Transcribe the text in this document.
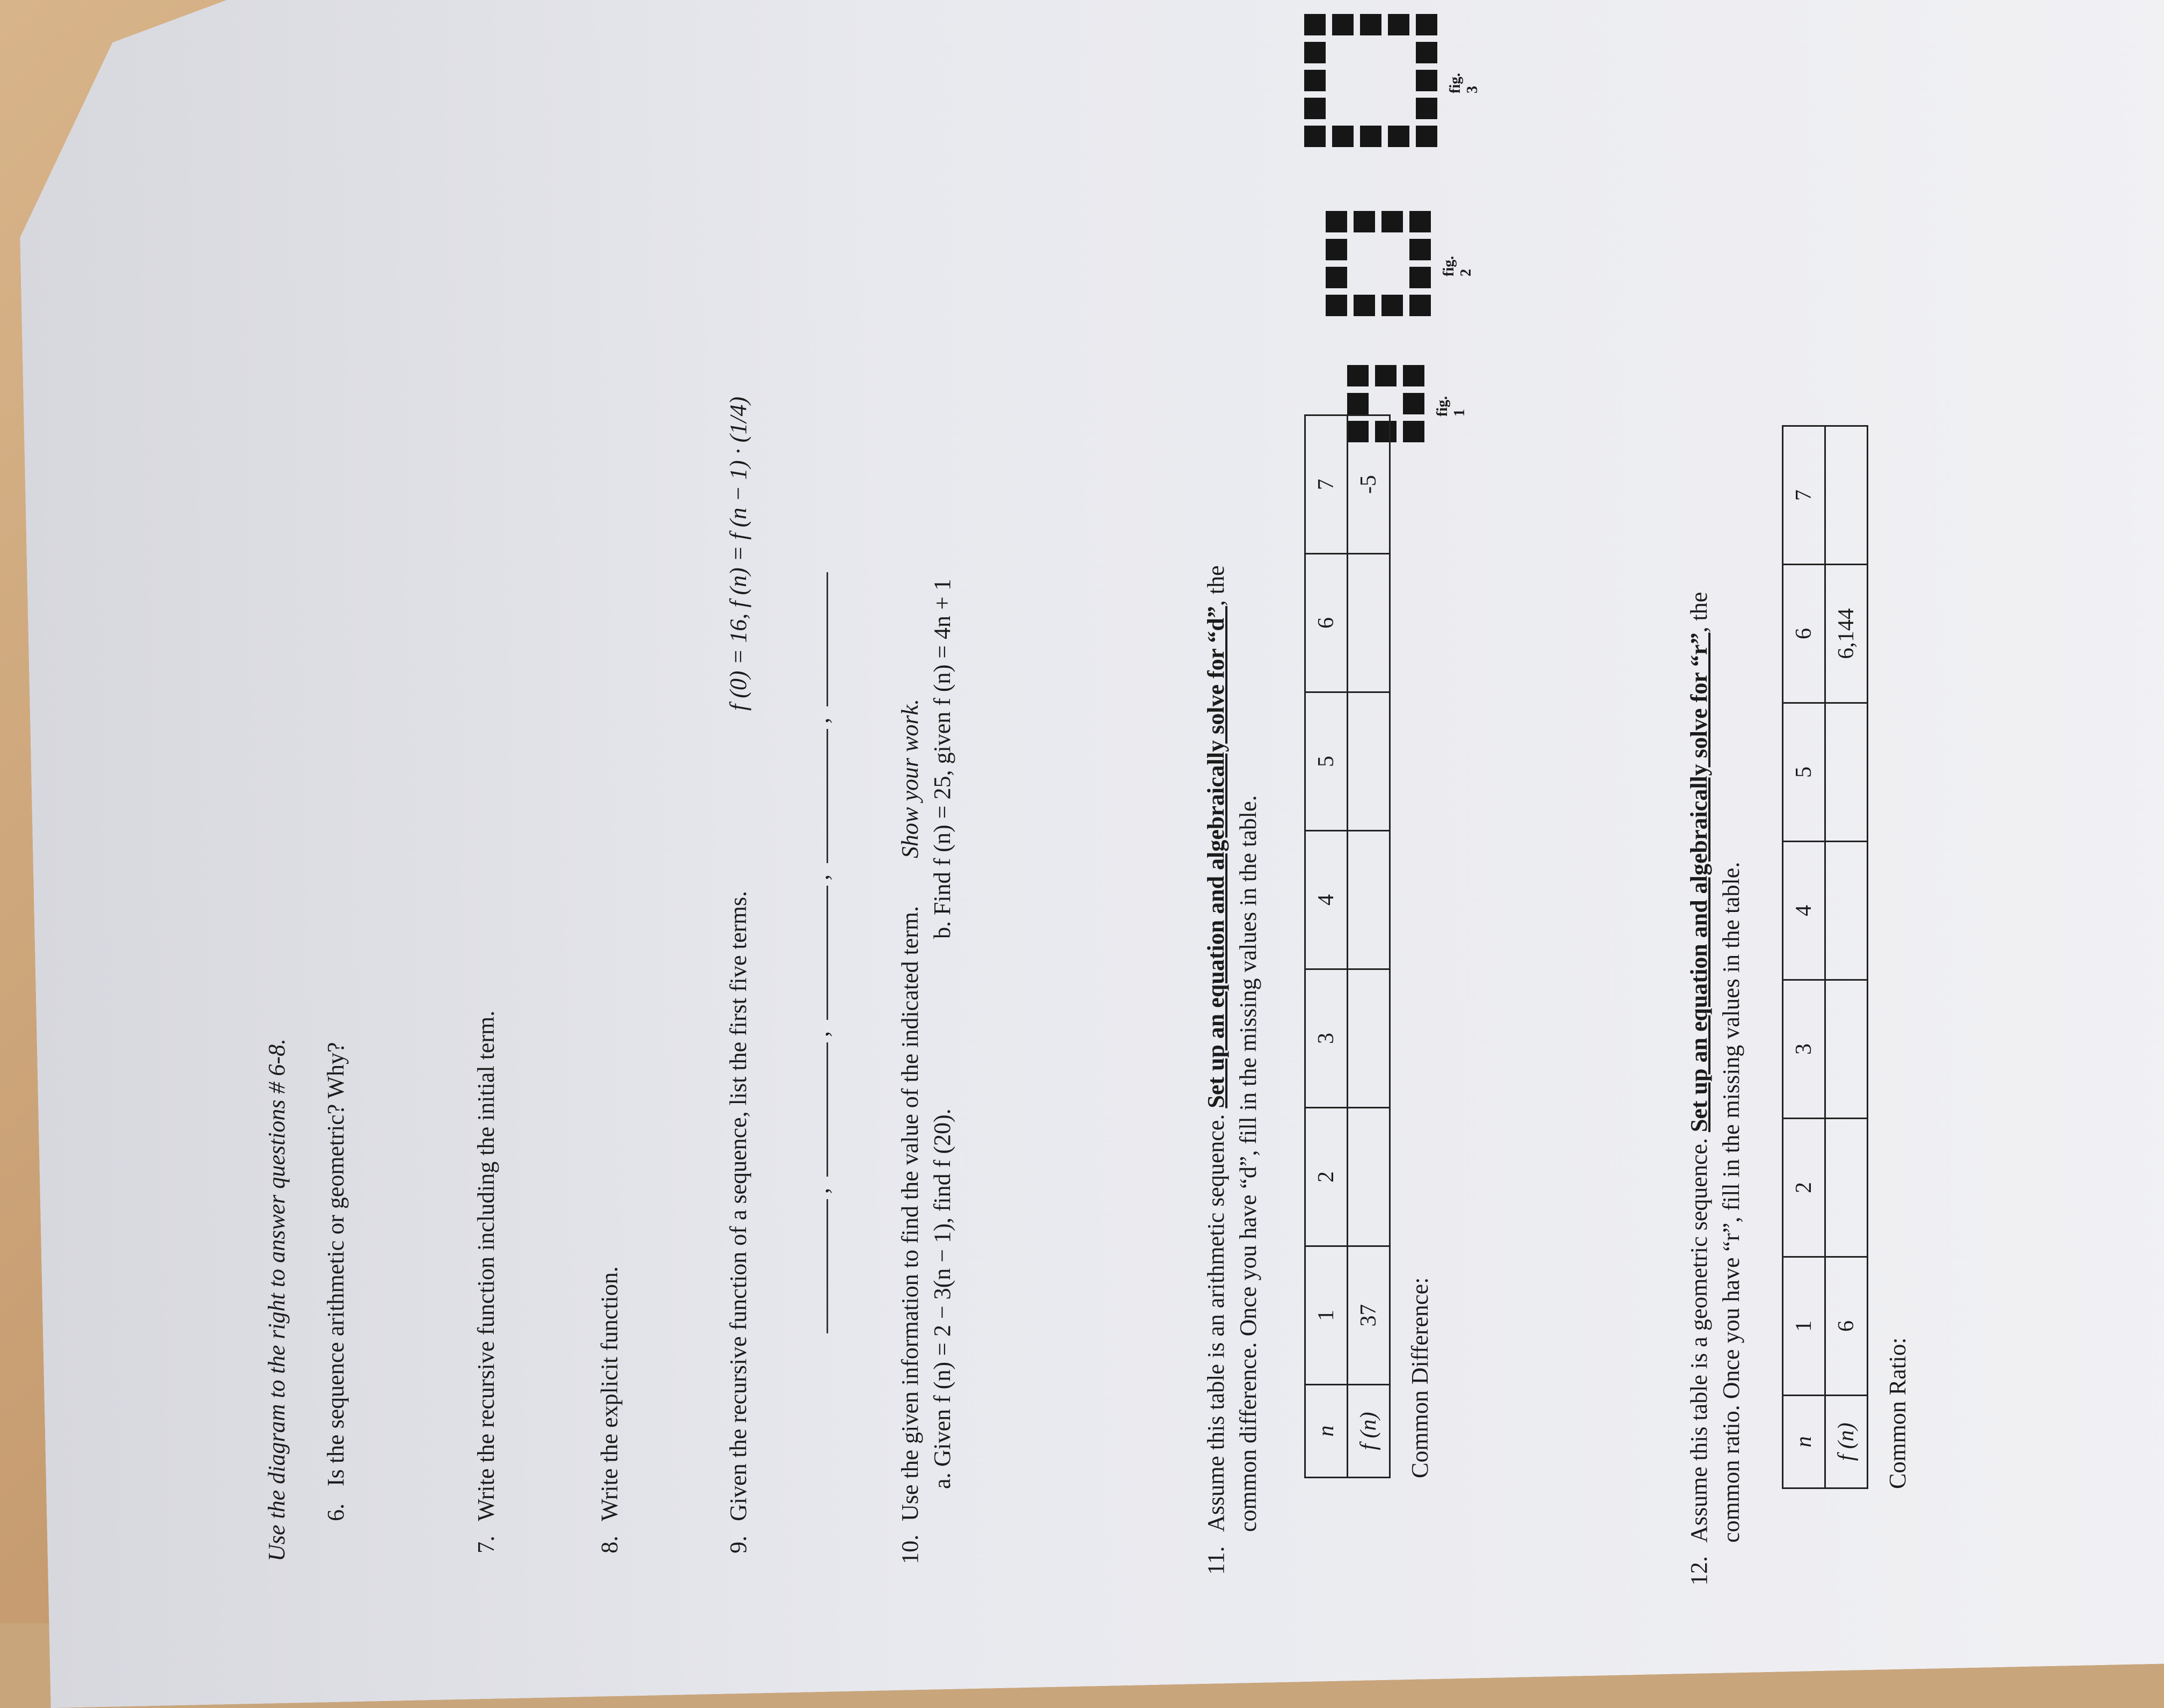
Use the diagram to the right to answer questions # 6-8.
fig. 1
fig. 2
fig. 3
6.
Is the sequence arithmetic or geometric? Why?
7.
Write the recursive function including the initial term.
8.
Write the explicit function.
9.
Given the recursive function of a sequence, list the first five terms.
f (0) = 16, f (n) = f (n − 1) · (1/4)
, , , ,
10.
Use the given information to find the value of the indicated term.
Show your work.
a. Given f (n) = 2 − 3(n − 1), find f (20).
b. Find f (n) = 25, given f (n) = 4n + 1
11.
Assume this table is an arithmetic sequence. Set up an equation and algebraically solve for “d”, the
common difference. Once you have “d”, fill in the missing values in the table. n	1	2	3	4	5	6	7
f (n)	37						-5
Common Difference:
12.
Assume this table is a geometric sequence. Set up an equation and algebraically solve for “r”, the
common ratio. Once you have “r”, fill in the missing values in the table. n	1	2	3	4	5	6	7
f (n)	6					6,144	
Common Ratio:
